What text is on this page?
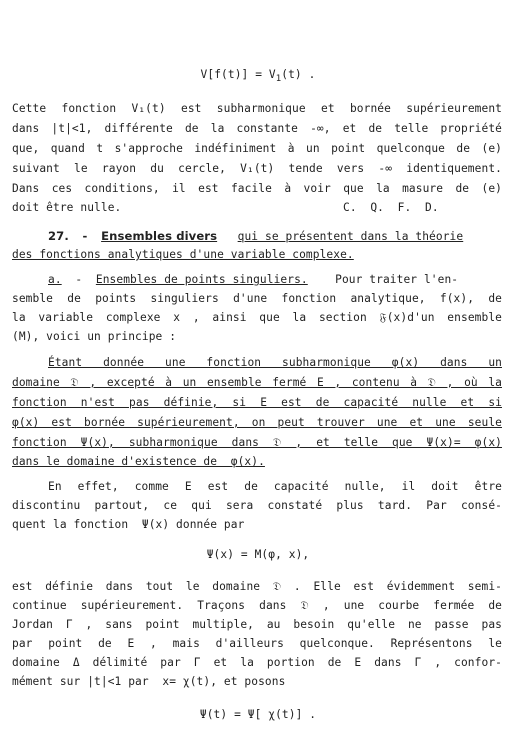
$V[f(t)] = V_1(t)$ .
Cette fonction V₁(t) est subharmonique et bornée supérieurement
dans |t|<1, différente de la constante -∞, et de telle propriété
que, quand t s'approche indéfiniment à un point quelconque de (e)
suivant le rayon du cercle, V₁(t) tende vers -∞ identiquement.
Dans ces conditions, il est facile à voir que la masure de (e)
doit être nulle.	C.  Q.  F.  D.
27. - Ensembles divers qui se présentent dans la théorie
des fonctions analytiques d'une variable complexe.
a. - Ensembles de points singuliers. Pour traiter l'en-
semble de points singuliers d'une fonction analytique, f(x), de
la variable complexe x , ainsi que la section 𝔉(x)d'un ensemble
(M), voici un principe :
Étant donnée une fonction subharmonique φ(x) dans un
domaine 𝔇 , excepté à un ensemble fermé E , contenu à 𝔇 , où la
fonction n'est pas définie, si E est de capacité nulle et si
φ(x) est bornée supérieurement, on peut trouver une et une seule
fonction Ψ(x), subharmonique dans 𝔇 , et telle que Ψ(x)= φ(x)
dans le domaine d'existence de  φ(x).
En effet, comme E est de capacité nulle, il doit être
discontinu partout, ce qui sera constaté plus tard. Par consé-
quent la fonction  Ψ(x) donnée par
Ψ(x) = M(φ, x),
est définie dans tout le domaine 𝔇 . Elle est évidemment semi-
continue supérieurement. Traçons dans 𝔇 , une courbe fermée de
Jordan Γ , sans point multiple, au besoin qu'elle ne passe pas
par point de E , mais d'ailleurs quelconque. Représentons le
domaine Δ délimité par Γ et la portion de E dans Γ , confor-
mément sur |t|<1 par  x= χ(t), et posons
Ψ(t) = Ψ[ χ(t)] .
